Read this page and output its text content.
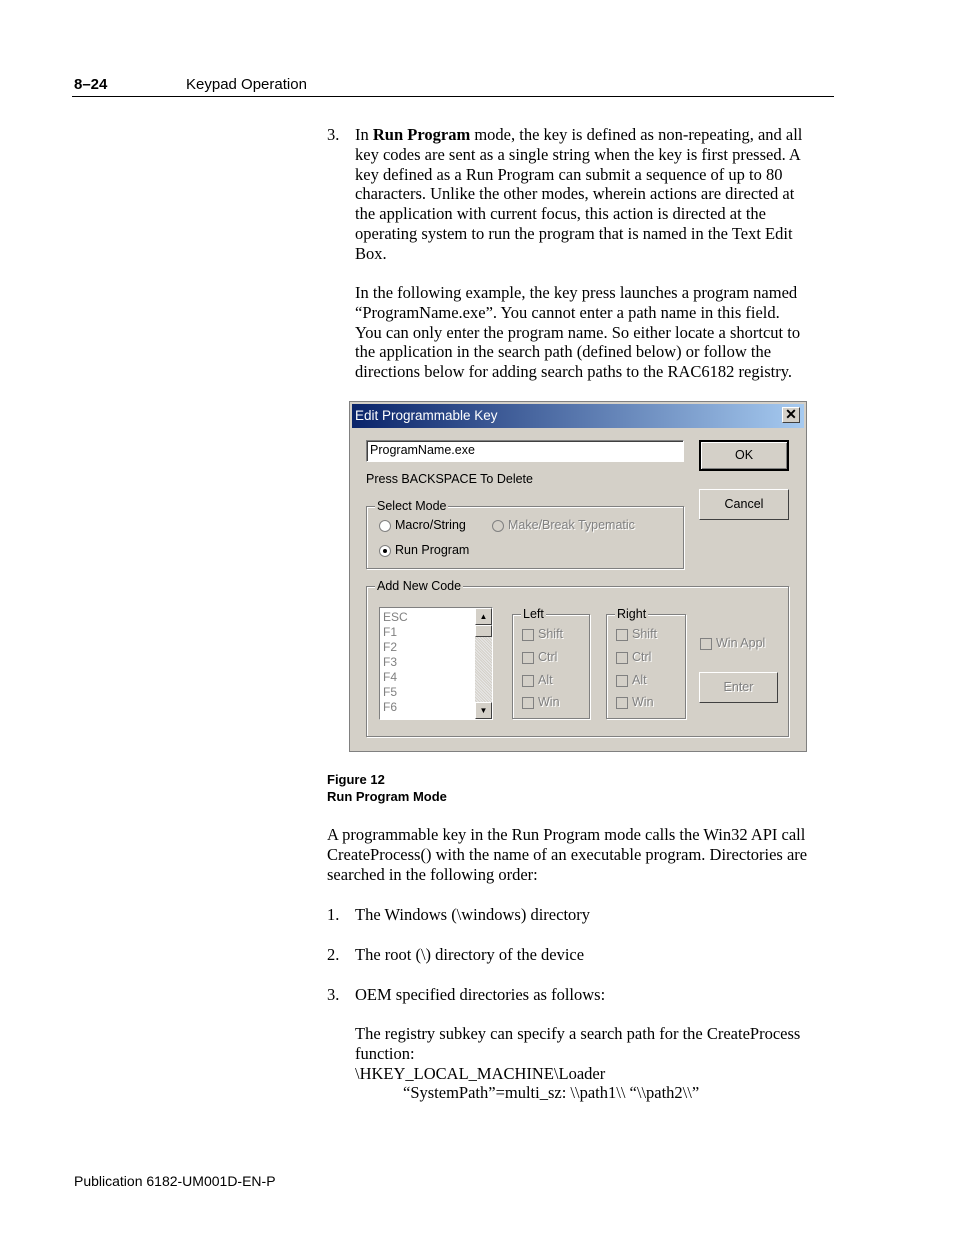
8–24	Keypad Operation
3. In Run Program mode, the key is defined as non-repeating, and all
key codes are sent as a single string when the key is first pressed. A
key defined as a Run Program can submit a sequence of up to 80
characters. Unlike the other modes, wherein actions are directed at
the application with current focus, this action is directed at the
operating system to run the program that is named in the Text Edit
Box.
In the following example, the key press launches a program named
“ProgramName.exe”. You cannot enter a path name in this field.
You can only enter the program name. So either locate a shortcut to
the application in the search path (defined below) or follow the
directions below for adding search paths to the RAC6182 registry.
Edit Programmable Key	✕
ProgramName.exe
Press BACKSPACE To Delete
OK
Cancel
Select Mode
Macro/String	Make/Break Typematic
Run Program
Add New Code
ESC
F1
F2
F3
F4
F5
F6
▲
▼
Left
Shift
Ctrl
Alt
Win
Right
Shift
Ctrl
Alt
Win
Win Appl
Enter
Figure 12
Run Program Mode
A programmable key in the Run Program mode calls the Win32 API call
CreateProcess() with the name of an executable program. Directories are
searched in the following order:
1. The Windows (\windows) directory
2. The root (\) directory of the device
3. OEM specified directories as follows:
The registry subkey can specify a search path for the CreateProcess
function:
\HKEY_LOCAL_MACHINE\Loader
“SystemPath”=multi_sz: \\path1\\ “\\path2\\”
Publication 6182-UM001D-EN-P
